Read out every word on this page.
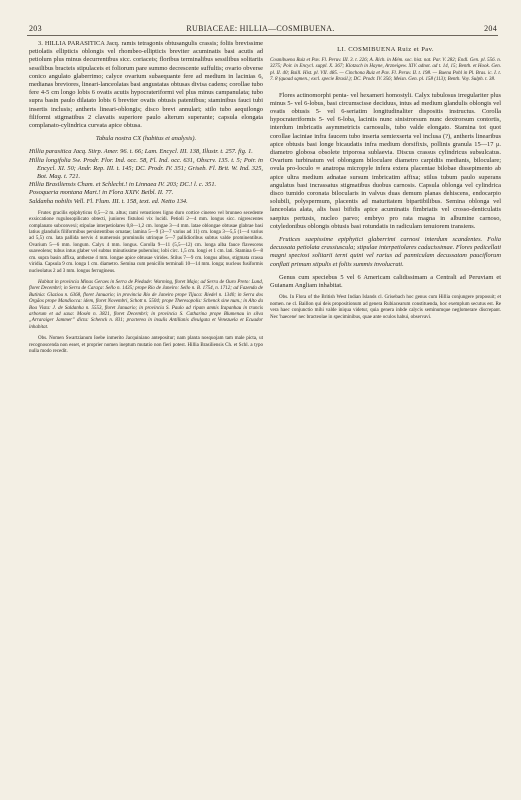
203	RUBIACEAE: HILLIA—COSMIBUENA.	204

3. HILLIA PARASITICA Jacq. ramis tetragonis obtusangulis crassis; foliis brevissime petiolatis ellipticis oblongis vel rhombeo-ellipticis breviter acuminatis basi acutis ad petiolum plus minus decurrentibus sicc. coriaceis; floribus terminalibus sessilibus solitariis sessilibus bracteis stipulaceis et foliorum pare summo decrescente suffultis; ovario obverse conico angulato glaberrimo; calyce ovarium subaequante fere ad medium in lacinias 6, medianas breviores, lineari-lanceolatas basi angustatas obtusas divisa cadens; corollae tubo fere 4-5 cm longo lobis 6 ovatis acutis hypocrateriformi vel plus minus campanulata; tubo supra basin paulo dilatato lobis 6 breviter ovatis obtusis patentibus; staminibus fauci tubi insertis inclusis; antheris lineari-oblongis; disco brevi annulari; stilo tubo aequilongo filiformi stigmatibus 2 clavatis superiore paulo alterum superante; capsula elongata complanato-cylindrica curvata apice obtusa.

Tabula nostra CX (habitus et analysis).

Hillia parasitica Jacq. Stirp. Amer. 96. t. 66; Lam. Encycl. III. 138, Illustr. t. 257. fig. 1.

Hillia longifolia Sw. Prodr. Flor. Ind. occ. 58, Fl. Ind. occ. 631, Obscrv. 135. t. 5; Poir. in Encycl. XI. 50; Andr. Rep. III. t. 145; DC. Prodr. IV. 351; Griseb. Fl. Brit. W. Ind. 325, Bot. Mag. t. 721.

Hillia Brasiliensis Cham. et Schlecht.! in Linnaea IV. 203; DC.! l. c. 351.

Posoqueria montana Mart.! in Flora XXIV. Beibl. II. 77.

Saldanha nobilis Vell. Fl. Flum. III. t. 158, text. ed. Netto 134.

Frutex gracilis epiphyticus 0,5—2 m. altus; rami vetustiores ligno duro cortice cinereo vel brunneo secedente exsiccatione rugulosopilicato obtecti, juniores fistulosi vix lucidi. Petioli 2—4 mm. longus sicc. nigrescentes complanato subconvexi; stipulae interpetiolares 0,8—1,2 cm. longae 3—4 mm. latae oblongae obtusae glabrae basi latius glandulis filiformibus persistentibus ornatae; lamina 5—9 (3—7 varius ad 11) cm. longa 3—5,5 (1—4 varius ad 5,5) cm. lata pallida nervis 4 numerosis prominulis utrinque 5—7 pallidioribus subtus valde prominentibus. Ovarium 5—6 mm. longum. Calyx 4 mm. longus. Corolla 9—11 (5,5—12) cm. longa alba fauce flavescens suaveolens; tubus intus glaber vel subtus minutissime puberulus; lobi circ. 1,5 cm. longi et 1 cm. lati. Stamina 6—8 cm. supra basin affixa, antherae 4 mm. longae apice obtusae virides. Stilus 7—9 cm. longus albus, stigmata crassa viridia. Capsula 9 cm. longa 1 cm. diametro. Semina cum penicillo terminali 10—14 mm. longa; nucleus fusiformis nucleolatus 2 ad 3 mm. longus ferrugineus.

Habitat in provincia Minas Geraes in Serra de Piedade: Warming, floret Majo; ad Serra de Ouro Preto: Lund, floret Decembri; in Serra de Caraça: Sello n. 1435; prope Rio de Janeiro: Sello n. B. 1754, n. 1712; ad Fazenda de Butinia: Glaziou n. 6368, floret Januario; in provincia Rio de Janeiro prope Tijuca: Riedel n. 1340; in Serra dos Orgãos prope Mandiocca: idem, floret Novembri, Schott n. 5504; prope Theresopolis: Schenck sine num.; in Alto da Boa Vista: J. de Saldanha n. 5553, floret Januario; in provincia S. Paulo ad ripam amnis Itapanhau in truncis arborum et ad saxa: Mosén n. 3821, floret Decembri; in provincia S. Catharina prope Blumenau in silva „Arraraiger Jammer” dicta: Schenck n. 831; practerea in insulis Antillanis divulgata et Venezuela et Ecuador inhabitat.

Obs. Nomen Swartzianum Ioebe inmerito Jacquiniano antepositur; nam planta nosquojam tam male picta, ut recognoscenda non esset, et proprier nomen ineptum mutatio non fieri potest. Hillia Brasiliensis Ch. et Schl. a typo nulla modo recedit.

LI. COSMIBUENA Ruiz et Pav.

Cosmibuena Ruiz et Pav. Fl. Peruv. III. 3. t. 226; A. Rich. in Mém. soc. hist. nat. Par. V. 282; Endl. Gen. pl. 556. n. 3275; Poir. in Encycl. suppl. X. 367; Klotzsch in Hayne, Arzneigew. XIV. adnot. ad t. 14, 15; Benth. et Hook. Gen. pl. II. 40; Baill. Hist. pl. VII. 485. — Cinchona Ruiz et Pav. Fl. Peruv. II. t. 198. — Buena Pohl in Pl. Bras. ic. I. t. 7. 8 (quoad sqmen.; excl. specie Brasil.); DC. Prodr. IV. 356; Meisn. Gen. pl. 158 (113); Benth. Voy. Sulph. t. 38.

Flores actinomorphi penta- vel hexameri homostyli. Calyx tubulosus irregulariter plus minus 5- vel 6-lobus, basi circumscisse deciduus, intus ad medium glandulis oblongis vel ovatis obtusis 5- vel 6-seriatim longitudinaliter dispositis instructus. Corolla hypocrateriformis 5- vel 6-loba, laciniis nunc sinistrorsum nunc dextrorsum contortis, interdum imbricatis asymmetricis carnosulis, tubo valde elongato. Stamina tot quot corollae laciniae infra faucem tubo inserta semiexserta vel inclusa (?), antheris linearibus apice obtusis basi longe bicaudatis infra medium dorsifixis, pollinis granula 15—17 μ. diametro globosa obsolete triporosa sublaevia. Discus crassus cylindricus subsulcatus. Ovarium turbinatum vel oblongum biloculare diametro carpidiis medianis, biloculare; ovula pro-loculo ∞ anatropa micropyle infera extera placentae bilobae dissepimento ab apice ultra medium adnatae sursum imbricatim affixa; stilus tubum paulo superans angulatus basi incrassatus stigmatibus duobus carnosis. Capsula oblonga vel cylindrica disco tumido coronata bilocularis in valvus duas demum planas dehiscens, endocarpio solubili, polyspermum, placentis ad maturitatem bipartibilibus. Semina oblonga vel lanceolata alata, alis basi bifidis apice acuminatis fimbriatis vel crosso-denticulatis saepius pertusis, nucleo parvo; embryo pro rata magna in albumine carnoso, cotyledonibus oblongis obtusis basi rotundatis in radiculam tenuiorem transiens.

Frutices saepissime epiphytici glaberrimi carnosi interdum scandentes. Folia decussata petiolata crassiuscula; stipulae interpetiolares caducissimae. Flores pedicellati magni speciosi solitarii terni quini vel rarius ad panniculam decussatam pauciflorum conflati primum stipulis et foliis summis involucrati.

Genus cum speciebus 5 vel 6 Americam calidissimam a Centrali ad Peruviam et Guianam Angliam inhabitat.

Obs. In Flora of the British West Indian Islands cl. Grisebach hoc genus cum Hillia conjungere proposuit; et nomen. ne cl. Baillon qui deis propositionum ad genera Rubiacearum constituenda, hoc exemplum secutus est. Re vera haec conjunctio mihi valde iniqua videtur, quia genera inbde calycis seminumque neglomerare discrepant. Nec 'haecene' nec bracteolae in speciminibus, quae ante oculos habui, observavi.
